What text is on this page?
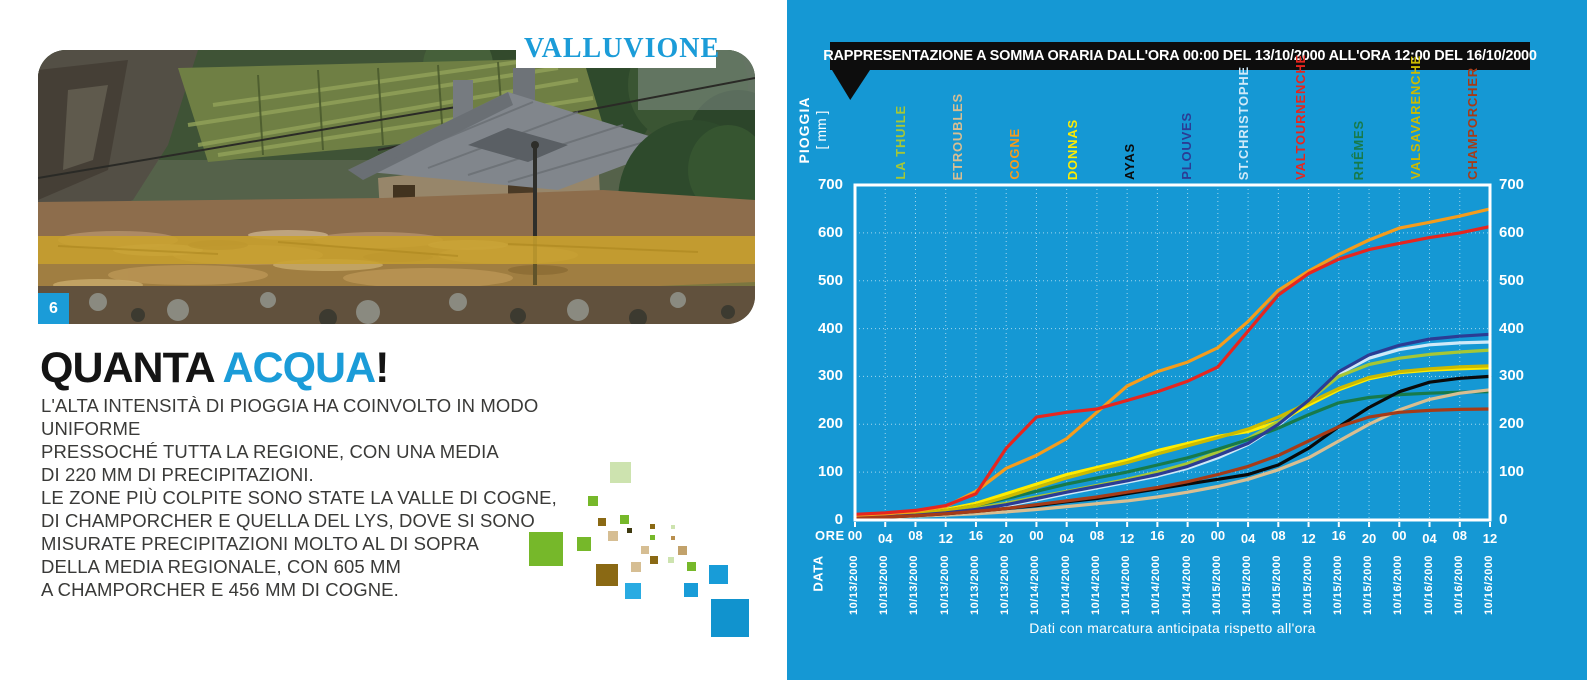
VALLUVIONE
6
QUANTA ACQUA!
L'ALTA INTENSITÀ DI PIOGGIA HA COINVOLTO IN MODO UNIFORME
PRESSOCHÉ TUTTA LA REGIONE, CON UNA MEDIA
DI 220 MM DI PRECIPITAZIONI.
LE ZONE PIÙ COLPITE SONO STATE LA VALLE DI COGNE,
DI CHAMPORCHER E QUELLA DEL LYS, DOVE SI SONO
MISURATE PRECIPITAZIONI MOLTO AL DI SOPRA
DELLA MEDIA REGIONALE, CON 605 MM
A CHAMPORCHER E 456 MM DI COGNE.
RAPPRESENTAZIONE A SOMMA ORARIA DALL'ORA 00:00 DEL 13/10/2000 ALL'ORA 12:00 DEL 16/10/2000
PIOGGIA [ mm ]	LA THUILE	ETROUBLES	COGNE	DONNAS	AYAS	PLOUVES	ST.CHRISTOPHE	VALTOURNENCHE	RHÊMES	VALSAVARENCHE	CHAMPORCHER
0
100
200
300
400
500
600
700
0
100
200
300
400
500
600
700
ORE 00	04	08	12	16	20	00	04	08	12	16	20	00	04	08	12	16	20	00	04	08	12
DATA 10/13/2000 10/13/2000 10/13/2000 10/13/2000 10/13/2000 10/13/2000 10/14/2000 10/14/2000 10/14/2000 10/14/2000 10/14/2000 10/14/2000 10/15/2000 10/15/2000 10/15/2000 10/15/2000 10/15/2000 10/15/2000 10/16/2000 10/16/2000 10/16/2000 10/16/2000
Dati con marcatura anticipata rispetto all'ora
